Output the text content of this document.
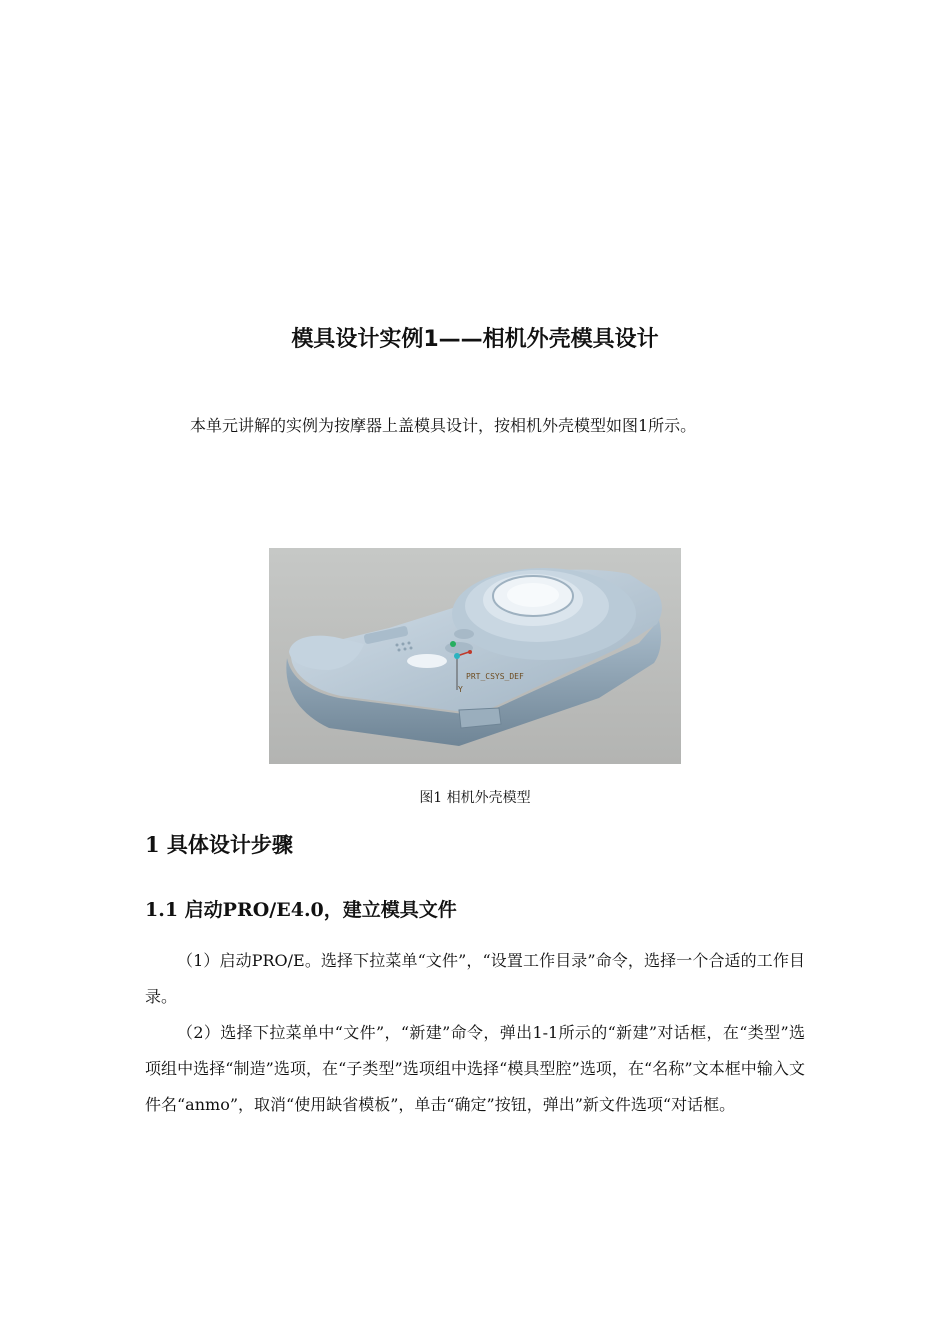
模具设计实例1——相机外壳模具设计
本单元讲解的实例为按摩器上盖模具设计，按相机外壳模型如图1所示。
PRT_CSYS_DEF
Y
图1 相机外壳模型
1 具体设计步骤
1.1 启动PRO/E4.0，建立模具文件
（1）启动PRO/E。选择下拉菜单“文件”，“设置工作目录”命令，选择一个合适的工作目录。
（2）选择下拉菜单中“文件”，“新建”命令，弹出1-1所示的“新建”对话框，在“类型”选项组中选择“制造”选项，在“子类型”选项组中选择“模具型腔”选项，在“名称”文本框中输入文件名“anmo”，取消“使用缺省模板”，单击“确定”按钮，弹出”新文件选项“对话框。
